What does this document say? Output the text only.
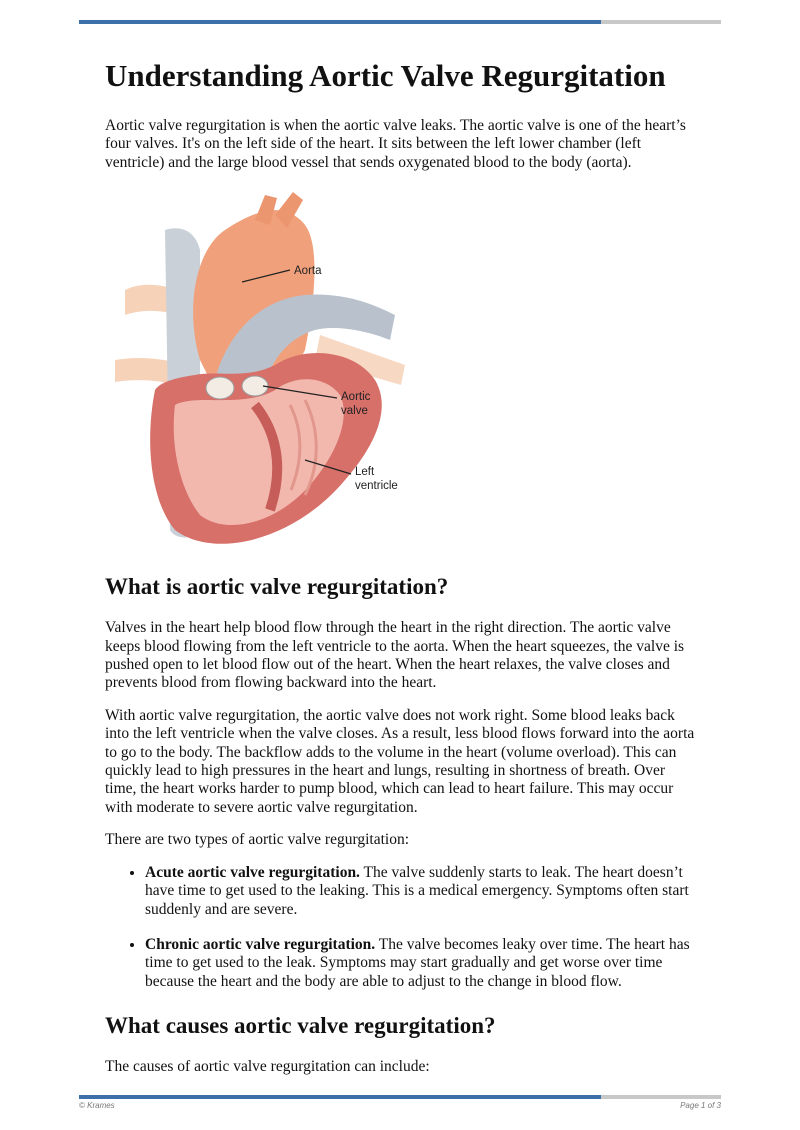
Understanding Aortic Valve Regurgitation

Aortic valve regurgitation is when the aortic valve leaks. The aortic valve is one of the heart’s four valves. It's on the left side of the heart. It sits between the left lower chamber (left ventricle) and the large blood vessel that sends oxygenated blood to the body (aorta).

Aorta
Aortic
valve
Left
ventricle
What is aortic valve regurgitation?

Valves in the heart help blood flow through the heart in the right direction. The aortic valve keeps blood flowing from the left ventricle to the aorta. When the heart squeezes, the valve is pushed open to let blood flow out of the heart. When the heart relaxes, the valve closes and prevents blood from flowing backward into the heart.

With aortic valve regurgitation, the aortic valve does not work right. Some blood leaks back into the left ventricle when the valve closes. As a result, less blood flows forward into the aorta to go to the body. The backflow adds to the volume in the heart (volume overload). This can quickly lead to high pressures in the heart and lungs, resulting in shortness of breath. Over time, the heart works harder to pump blood, which can lead to heart failure. This may occur with moderate to severe aortic valve regurgitation.

There are two types of aortic valve regurgitation:

• Acute aortic valve regurgitation. The valve suddenly starts to leak. The heart doesn’t have time to get used to the leaking. This is a medical emergency. Symptoms often start suddenly and are severe.
• Chronic aortic valve regurgitation. The valve becomes leaky over time. The heart has time to get used to the leak. Symptoms may start gradually and get worse over time because the heart and the body are able to adjust to the change in blood flow.
What causes aortic valve regurgitation?

The causes of aortic valve regurgitation can include:

© Krames	Page 1 of 3
